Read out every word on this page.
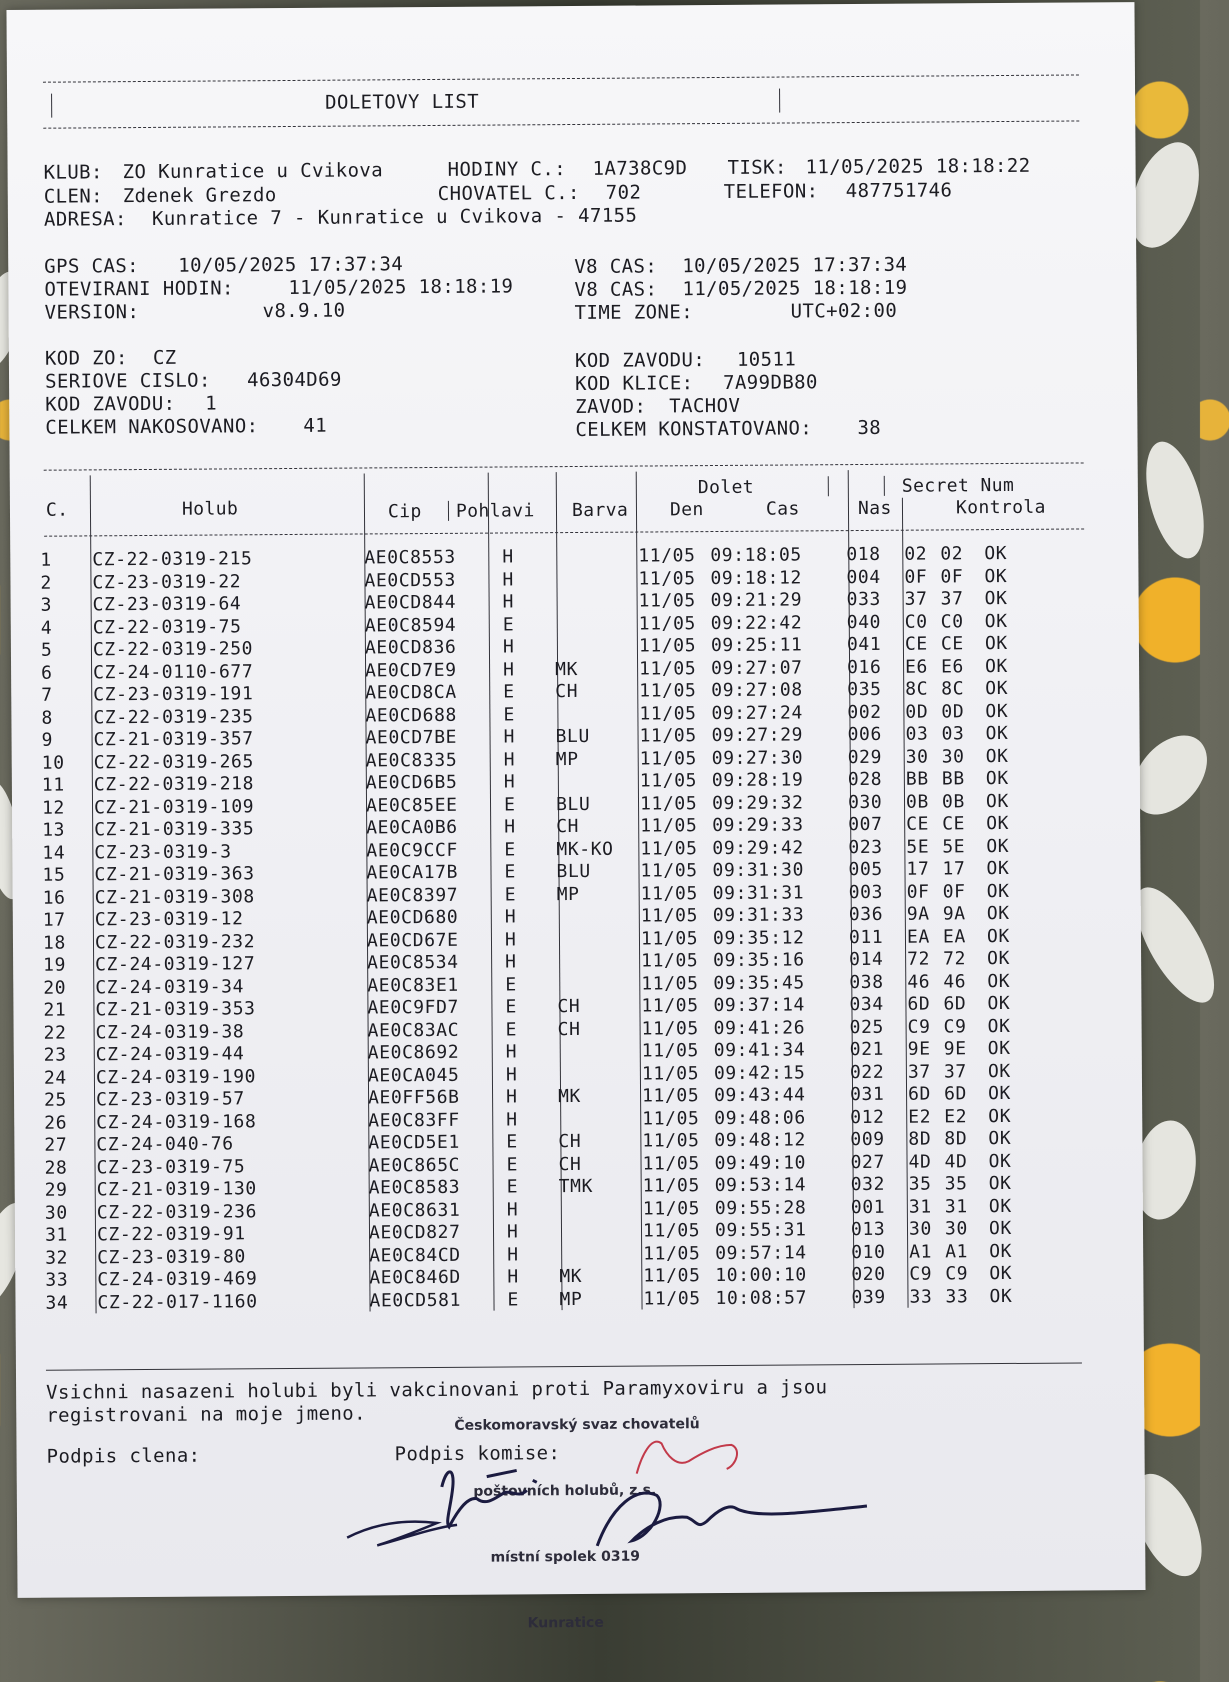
DOLETOVY LIST
KLUB: ZO Kunratice u Cvikova	HODINY C.: 1A738C9D TISK: 11/05/2025 18:18:22
CLEN: Zdenek Grezdo	CHOVATEL C.: 702	TELEFON: 487751746
ADRESA: Kunratice 7 - Kunratice u Cvikova - 47155
GPS CAS: 10/05/2025 17:37:34	V8 CAS: 10/05/2025 17:37:34
OTEVIRANI HODIN:	11/05/2025 18:18:19	V8 CAS: 11/05/2025 18:18:19
VERSION:	v8.9.10	TIME ZONE:	UTC+02:00
KOD ZO: CZ
SERIOVE CISLO: 46304D69
KOD ZAVODU: 1
CELKEM NAKOSOVANO: 41
KOD ZAVODU: 10511
KOD KLICE: 7A99DB80
ZAVOD: TACHOV
CELKEM KONSTATOVANO: 38
C.	Holub	Cip Pohlavi Barva
Dolet
Den	Cas	Nas
Secret Num
Kontrola
1 CZ-22-0319-215	AE0C8553	H	11/05 09:18:05 018 02 02 OK
2 CZ-23-0319-22	AE0CD553	H	11/05 09:18:12 004 0F 0F OK
3 CZ-23-0319-64	AE0CD844	H	11/05 09:21:29 033 37 37 OK
4 CZ-22-0319-75	AE0C8594	E	11/05 09:22:42 040 C0 C0 OK
5 CZ-22-0319-250	AE0CD836	H	11/05 09:25:11 041 CE CE OK
6 CZ-24-0110-677	AE0CD7E9	H MK	11/05 09:27:07 016 E6 E6 OK
7 CZ-23-0319-191	AE0CD8CA	E CH	11/05 09:27:08 035 8C 8C OK
8 CZ-22-0319-235	AE0CD688	E	11/05 09:27:24 002 0D 0D OK
9 CZ-21-0319-357	AE0CD7BE	H BLU	11/05 09:27:29 006 03 03 OK
10 CZ-22-0319-265	AE0C8335	H MP	11/05 09:27:30 029 30 30 OK
11 CZ-22-0319-218	AE0CD6B5	H	11/05 09:28:19 028 BB BB OK
12 CZ-21-0319-109	AE0C85EE	E BLU	11/05 09:29:32 030 0B 0B OK
13 CZ-21-0319-335	AE0CA0B6	H CH	11/05 09:29:33 007 CE CE OK
14 CZ-23-0319-3	AE0C9CCF	E MK-KO 11/05 09:29:42 023 5E 5E OK
15 CZ-21-0319-363	AE0CA17B	E BLU	11/05 09:31:30 005 17 17 OK
16 CZ-21-0319-308	AE0C8397	E MP	11/05 09:31:31 003 0F 0F OK
17 CZ-23-0319-12	AE0CD680	H	11/05 09:31:33 036 9A 9A OK
18 CZ-22-0319-232	AE0CD67E	H	11/05 09:35:12 011 EA EA OK
19 CZ-24-0319-127	AE0C8534	H	11/05 09:35:16 014 72 72 OK
20 CZ-24-0319-34	AE0C83E1	E	11/05 09:35:45 038 46 46 OK
21 CZ-21-0319-353	AE0C9FD7	E CH	11/05 09:37:14 034 6D 6D OK
22 CZ-24-0319-38	AE0C83AC	E CH	11/05 09:41:26 025 C9 C9 OK
23 CZ-24-0319-44	AE0C8692	H	11/05 09:41:34 021 9E 9E OK
24 CZ-24-0319-190	AE0CA045	H	11/05 09:42:15 022 37 37 OK
25 CZ-23-0319-57	AE0FF56B	H MK	11/05 09:43:44 031 6D 6D OK
26 CZ-24-0319-168	AE0C83FF	H	11/05 09:48:06 012 E2 E2 OK
27 CZ-24-040-76	AE0CD5E1	E CH	11/05 09:48:12 009 8D 8D OK
28 CZ-23-0319-75	AE0C865C	E CH	11/05 09:49:10 027 4D 4D OK
29 CZ-21-0319-130	AE0C8583	E TMK	11/05 09:53:14 032 35 35 OK
30 CZ-22-0319-236	AE0C8631	H	11/05 09:55:28 001 31 31 OK
31 CZ-22-0319-91	AE0CD827	H	11/05 09:55:31 013 30 30 OK
32 CZ-23-0319-80	AE0C84CD	H	11/05 09:57:14 010 A1 A1 OK
33 CZ-24-0319-469	AE0C846D	H MK	11/05 10:00:10 020 C9 C9 OK
34 CZ-22-017-1160	AE0CD581	E MP	11/05 10:08:57 039 33 33 OK
Vsichni nasazeni holubi byli vakcinovani proti Paramyxoviru a jsou
registrovani na moje jmeno.
Podpis clena:	Podpis komise:

Českomoravský svaz chovatelů

poštovních holubů, z.s.

místní spolek 0319

Kunratice
